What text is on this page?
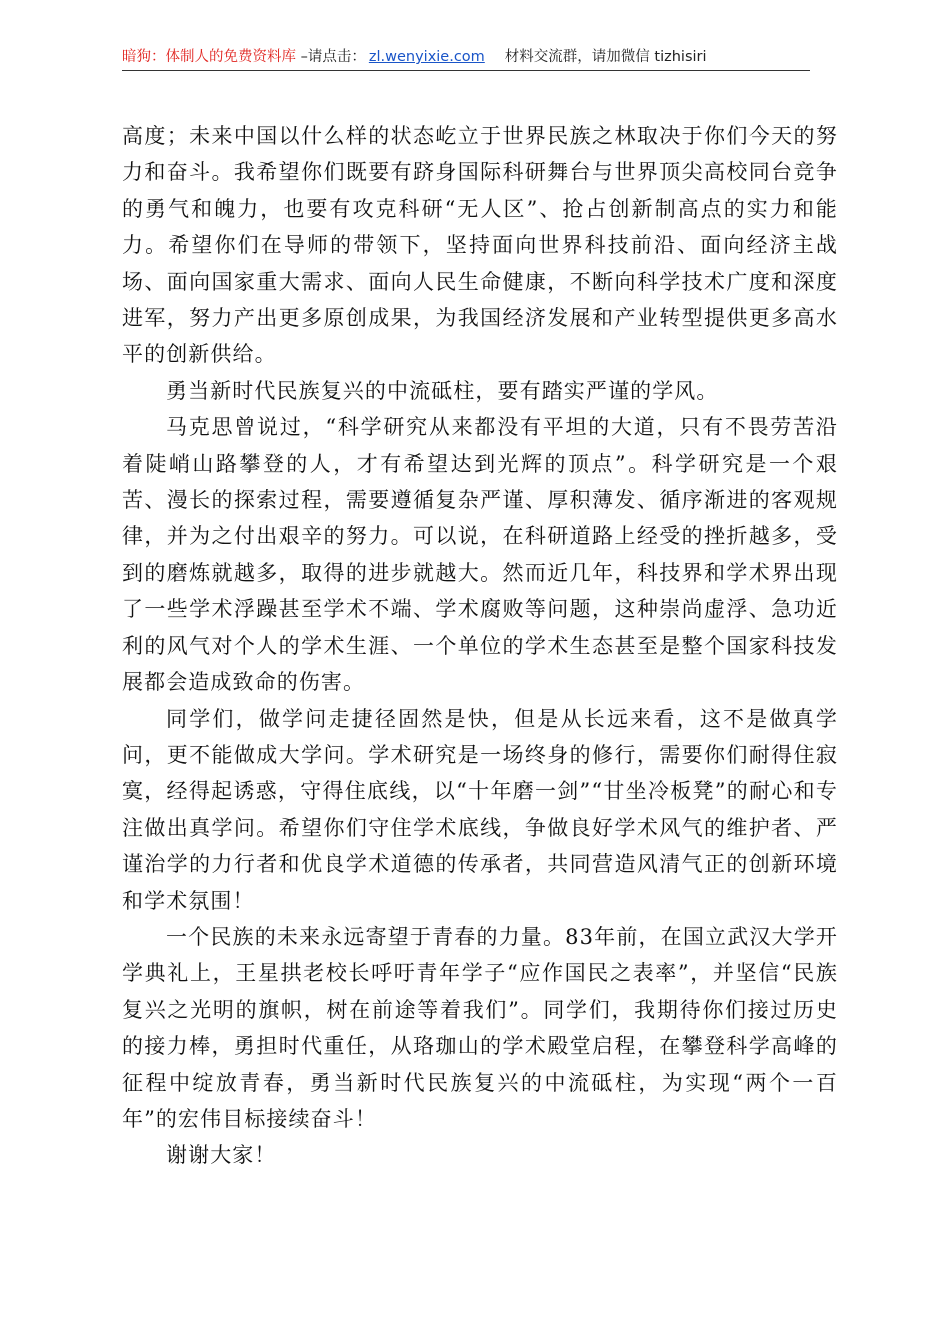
暗狗：体制人的免费资料库 –请点击： zl.wenyixie.com 材料交流群，请加微信 tizhisiri

高度；未来中国以什么样的状态屹立于世界民族之林取决于你们今天的努力和奋斗。我希望你们既要有跻身国际科研舞台与世界顶尖高校同台竞争的勇气和魄力，也要有攻克科研“无人区”、抢占创新制高点的实力和能力。希望你们在导师的带领下，坚持面向世界科技前沿、面向经济主战场、面向国家重大需求、面向人民生命健康，不断向科学技术广度和深度进军，努力产出更多原创成果，为我国经济发展和产业转型提供更多高水平的创新供给。

勇当新时代民族复兴的中流砥柱，要有踏实严谨的学风。

马克思曾说过，“科学研究从来都没有平坦的大道，只有不畏劳苦沿着陡峭山路攀登的人，才有希望达到光辉的顶点”。科学研究是一个艰苦、漫长的探索过程，需要遵循复杂严谨、厚积薄发、循序渐进的客观规律，并为之付出艰辛的努力。可以说，在科研道路上经受的挫折越多，受到的磨炼就越多，取得的进步就越大。然而近几年，科技界和学术界出现了一些学术浮躁甚至学术不端、学术腐败等问题，这种崇尚虚浮、急功近利的风气对个人的学术生涯、一个单位的学术生态甚至是整个国家科技发展都会造成致命的伤害。

同学们，做学问走捷径固然是快，但是从长远来看，这不是做真学问，更不能做成大学问。学术研究是一场终身的修行，需要你们耐得住寂寞，经得起诱惑，守得住底线，以“十年磨一剑”“甘坐冷板凳”的耐心和专注做出真学问。希望你们守住学术底线，争做良好学术风气的维护者、严谨治学的力行者和优良学术道德的传承者，共同营造风清气正的创新环境和学术氛围！

一个民族的未来永远寄望于青春的力量。83年前，在国立武汉大学开学典礼上，王星拱老校长呼吁青年学子“应作国民之表率”，并坚信“民族复兴之光明的旗帜，树在前途等着我们”。同学们，我期待你们接过历史的接力棒，勇担时代重任，从珞珈山的学术殿堂启程，在攀登科学高峰的征程中绽放青春，勇当新时代民族复兴的中流砥柱，为实现“两个一百年”的宏伟目标接续奋斗！

谢谢大家！
